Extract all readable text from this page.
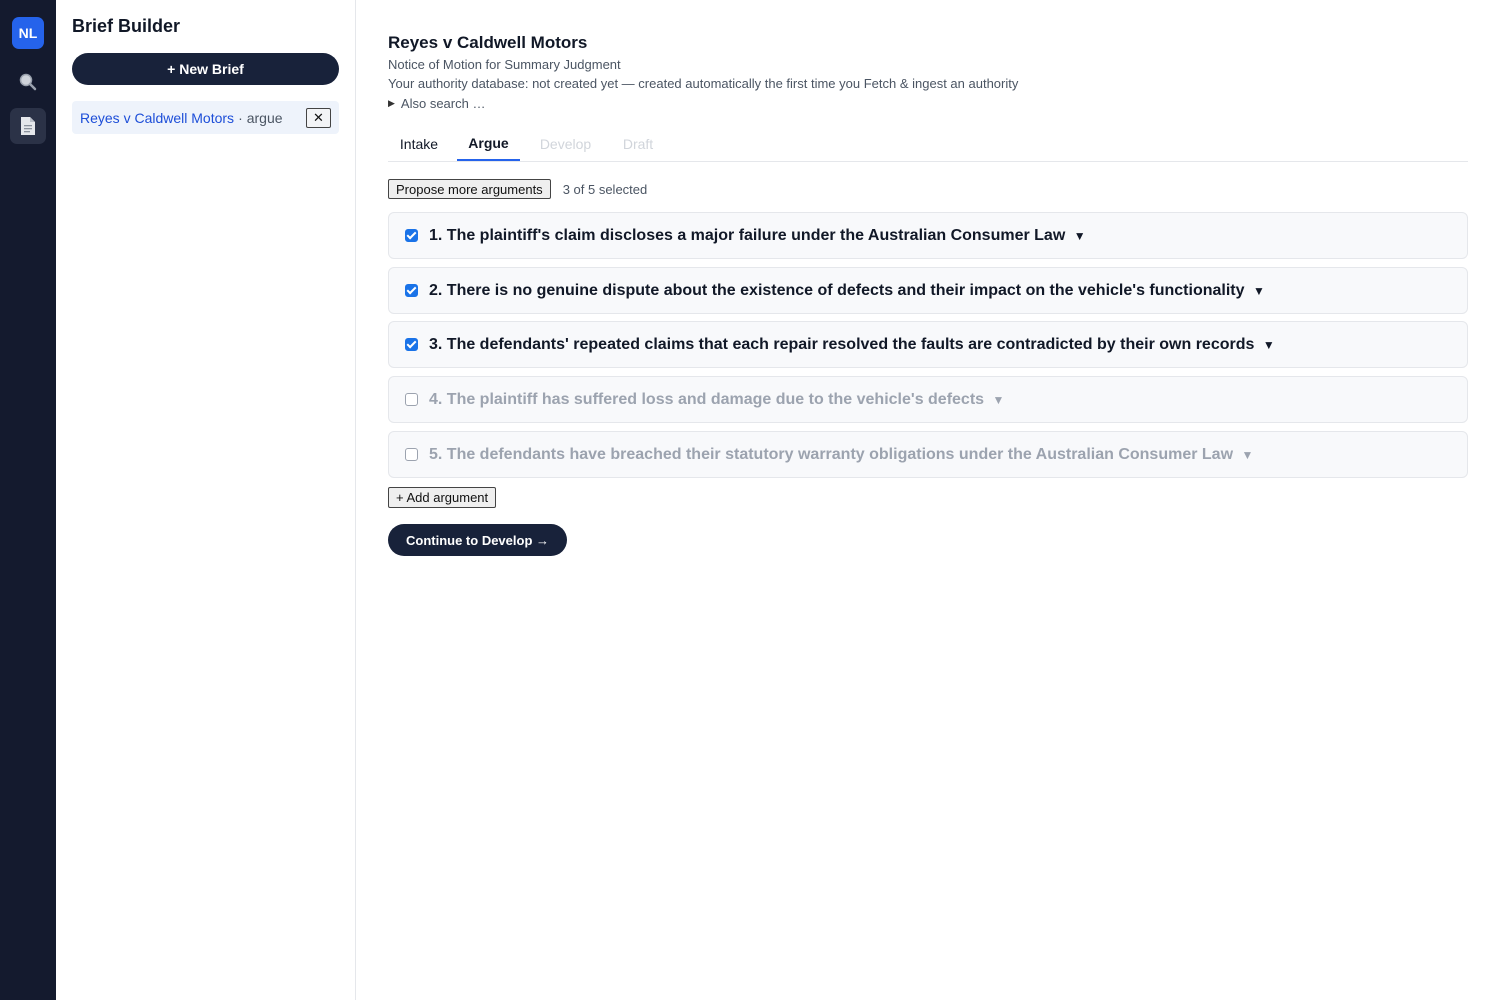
NL	Brief Builder
+ New Brief
Reyes v Caldwell Motors · argue	✕
Reyes v Caldwell Motors
Notice of Motion for Summary Judgment
Your authority database: not created yet — created automatically the first time you Fetch & ingest an authority
▶ Also search …
Intake	Argue	Develop	Draft
Propose more arguments	3 of 5 selected
1. The plaintiff's claim discloses a major failure under the Australian Consumer Law ▼
2. There is no genuine dispute about the existence of defects and their impact on the vehicle's functionality ▼
3. The defendants' repeated claims that each repair resolved the faults are contradicted by their own records ▼
4. The plaintiff has suffered loss and damage due to the vehicle's defects ▼
5. The defendants have breached their statutory warranty obligations under the Australian Consumer Law ▼
+ Add argument
Continue to Develop →
